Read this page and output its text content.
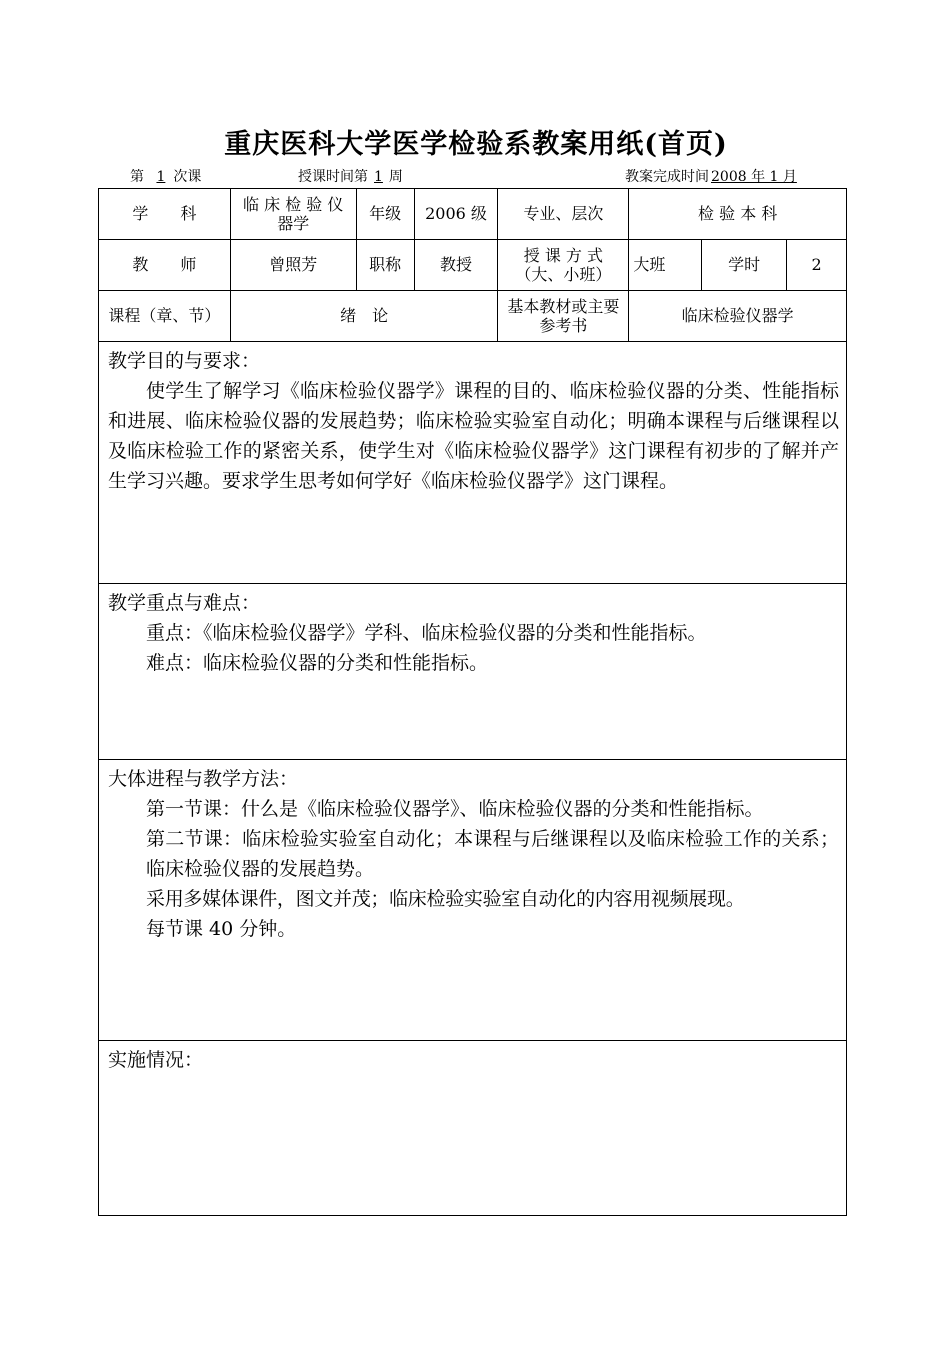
重庆医科大学医学检验系教案用纸(首页)
第 1 次课	授课时间第 1 周	教案完成时间 2008 年 1 月
学　　科	临 床 检 验 仪器学	年级	2006 级	专业、层次	检 验 本 科		
教　　师	曾照芳	职称	教授	授 课 方 式（大、小班）	大班	学时	2
课程（章、节）	绪　论			基本教材或主要参考书	临床检验仪器学		

教学目的与要求：

使学生了解学习《临床检验仪器学》课程的目的、临床检验仪器的分类、性能指标和进展、临床检验仪器的发展趋势；临床检验实验室自动化；明确本课程与后继课程以及临床检验工作的紧密关系，使学生对《临床检验仪器学》这门课程有初步的了解并产生学习兴趣。要求学生思考如何学好《临床检验仪器学》这门课程。

教学重点与难点：

重点：《临床检验仪器学》学科、临床检验仪器的分类和性能指标。

难点：临床检验仪器的分类和性能指标。

大体进程与教学方法：

第一节课：什么是《临床检验仪器学》、临床检验仪器的分类和性能指标。

第二节课：临床检验实验室自动化；本课程与后继课程以及临床检验工作的关系；临床检验仪器的发展趋势。

采用多媒体课件，图文并茂；临床检验实验室自动化的内容用视频展现。

每节课 40 分钟。

实施情况：
